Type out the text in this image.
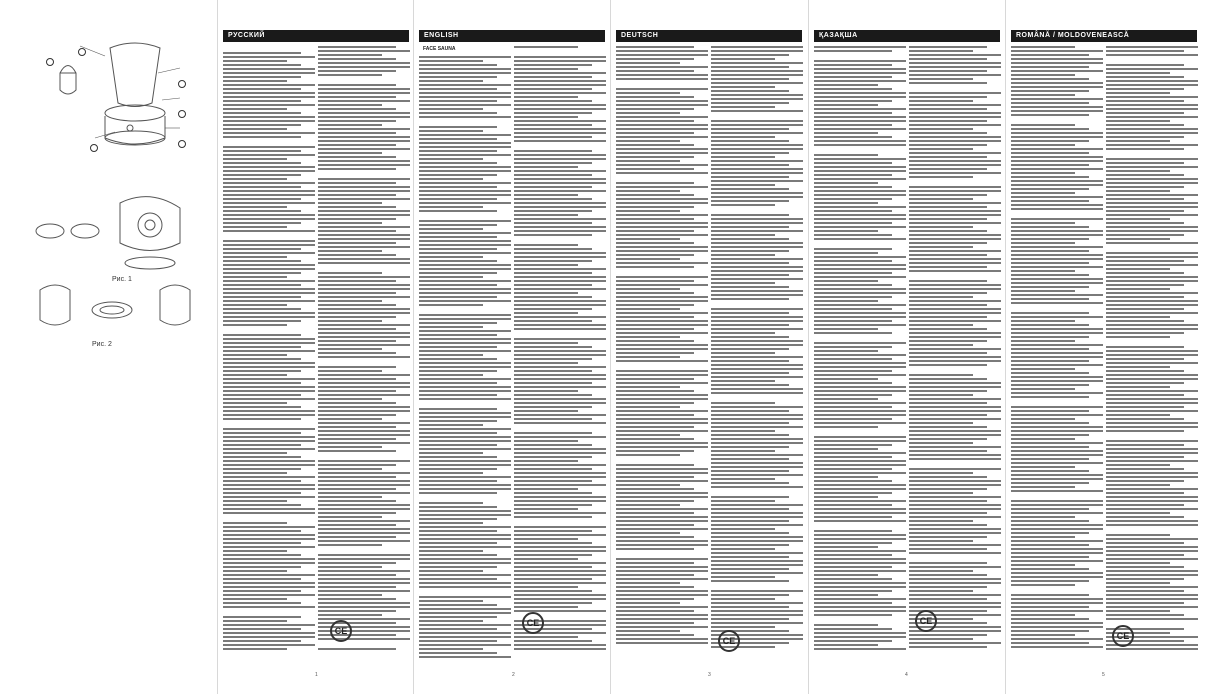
Рис. 1
Рис. 2
РУССКИЙ	ENGLISH	DEUTSCH	ҚАЗАҚША	ROMÂNĂ / MOLDOVENEASCĂ
FACE SAUNA
CE
CE
CE
CE
CE
1	2	3	4	5
